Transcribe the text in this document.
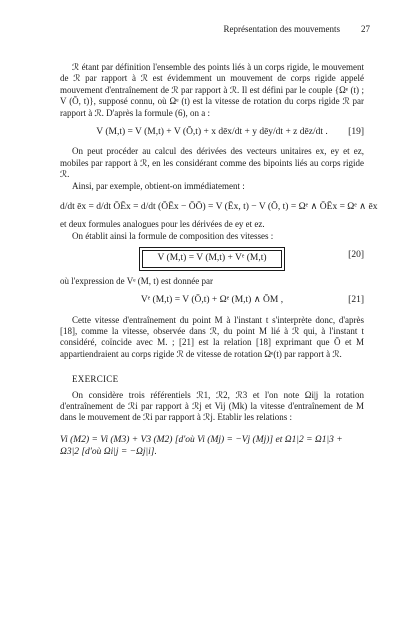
Représentation des mouvements 27

ℛ étant par définition l'ensemble des points liés à un corps rigide, le mouvement de ℛ par rapport à ℛ est évidemment un mouvement de corps rigide appelé mouvement d'entraînement de ℛ par rapport à ℛ. Il est défini par le couple {Ωᵉ (t) ; V (Ō, t)}, supposé connu, où Ωᵉ (t) est la vitesse de rotation du corps rigide ℛ par rapport à ℛ. D'après la formule (6), on a :

V (M,t) = V (M,t) + V (Ō,t) + x dēx/dt + y dēy/dt + z dēz/dt . [19]

On peut procéder au calcul des dérivées des vecteurs unitaires ex, ey et ez, mobiles par rapport à ℛ, en les considérant comme des bipoints liés au corps rigide ℛ.

Ainsi, par exemple, obtient-on immédiatement :

d/dt ēx = d/dt ŌĒx = d/dt (ŌĒx − ŌŌ) = V (Ēx, t) − V (Ō, t) = Ωᵉ ∧ ŌĒx = Ωᵉ ∧ ēx

et deux formules analogues pour les dérivées de ey et ez.

On établit ainsi la formule de composition des vitesses :

V (M,t) = V (M,t) + Vᵉ (M,t)	[20]

où l'expression de Vᵉ (M, t) est donnée par

Vᵉ (M,t) = V (Ō,t) + Ωᵉ (M,t) ∧ ŌM ,	[21]

Cette vitesse d'entraînement du point M à l'instant t s'interprète donc, d'après [18], comme la vitesse, observée dans ℛ, du point M lié à ℛ qui, à l'instant t considéré, coïncide avec M. ; [21] est la relation [18] exprimant que Ō et M appartiendraient au corps rigide ℛ de vitesse de rotation Ωᵉ(t) par rapport à ℛ.

EXERCICE

On considère trois référentiels ℛ1, ℛ2, ℛ3 et l'on note Ωi|j la rotation d'entraînement de ℛi par rapport à ℛj et Vij (Mk) la vitesse d'entraînement de M dans le mouvement de ℛi par rapport à ℛj. Etablir les relations :

Vi (M2) = Vi (M3) + V3 (M2) [d'où Vi (Mj) = −Vj (Mj)] et Ω1|2 = Ω1|3 +
Ω3|2 [d'où Ωi|j = −Ωj|i].
